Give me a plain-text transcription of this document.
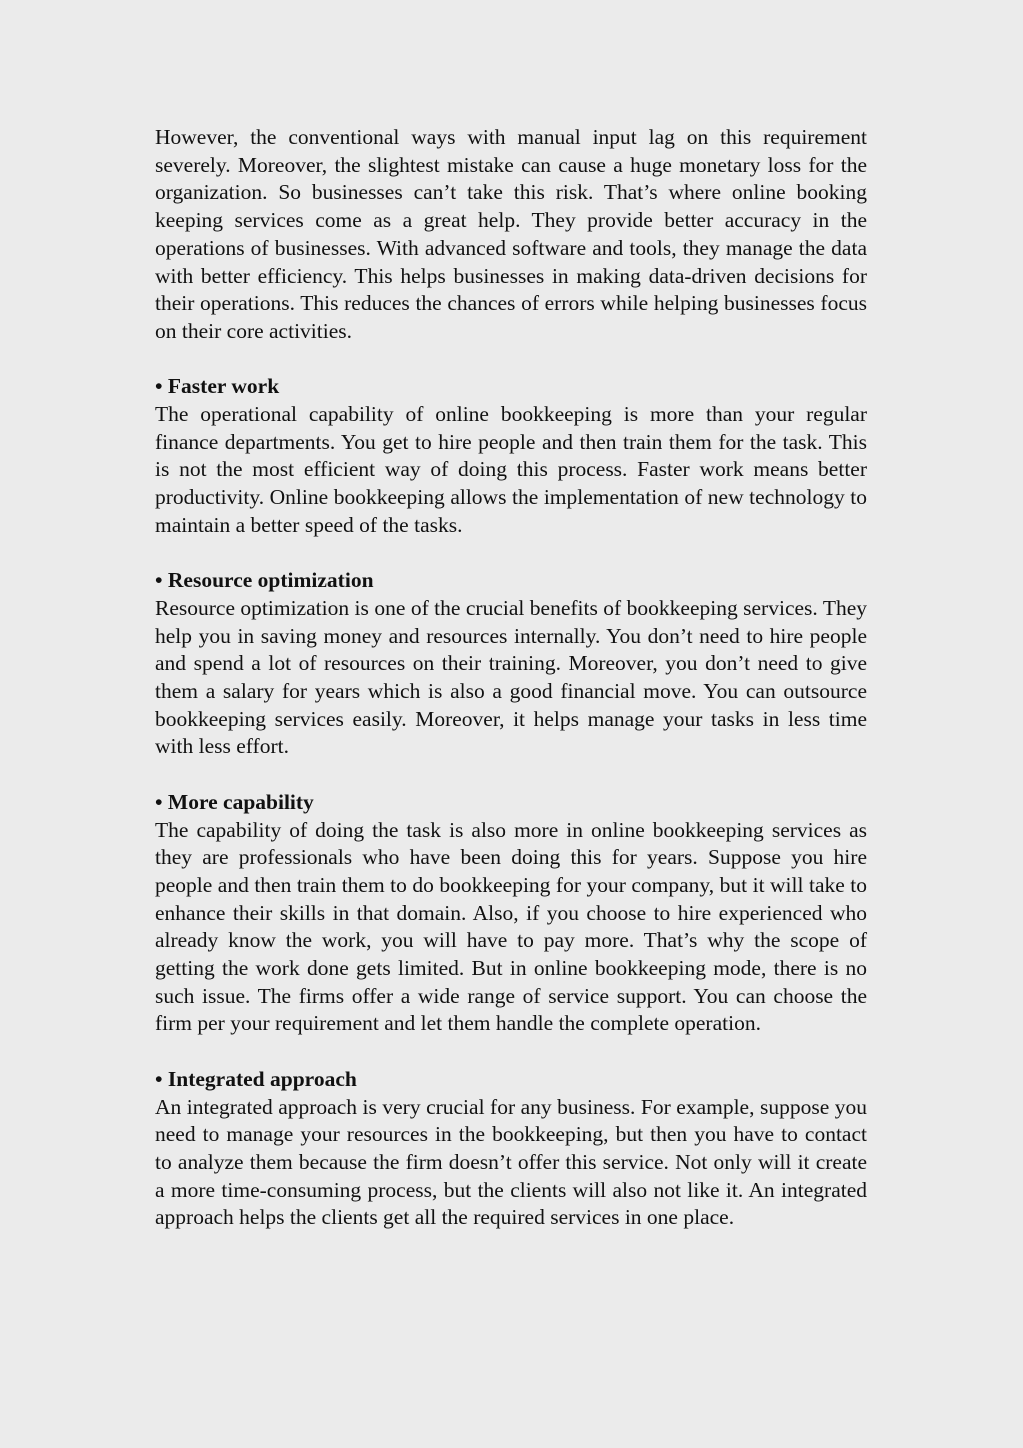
However, the conventional ways with manual input lag on this requirement severely. Moreover, the slightest mistake can cause a huge monetary loss for the organization. So businesses can’t take this risk. That’s where online booking keeping services come as a great help. They provide better accuracy in the operations of businesses. With advanced software and tools, they manage the data with better efficiency. This helps businesses in making data-driven decisions for their operations. This reduces the chances of errors while helping businesses focus on their core activities.

• Faster work

The operational capability of online bookkeeping is more than your regular finance departments. You get to hire people and then train them for the task. This is not the most efficient way of doing this process. Faster work means better productivity. Online bookkeeping allows the implementation of new technology to maintain a better speed of the tasks.

• Resource optimization

Resource optimization is one of the crucial benefits of bookkeeping services. They help you in saving money and resources internally. You don’t need to hire people and spend a lot of resources on their training. Moreover, you don’t need to give them a salary for years which is also a good financial move. You can outsource bookkeeping services easily. Moreover, it helps manage your tasks in less time with less effort.

• More capability

The capability of doing the task is also more in online bookkeeping services as they are professionals who have been doing this for years. Suppose you hire people and then train them to do bookkeeping for your company, but it will take to enhance their skills in that domain. Also, if you choose to hire experienced who already know the work, you will have to pay more. That’s why the scope of getting the work done gets limited. But in online bookkeeping mode, there is no such issue. The firms offer a wide range of service support. You can choose the firm per your requirement and let them handle the complete operation.

• Integrated approach

An integrated approach is very crucial for any business. For example, suppose you need to manage your resources in the bookkeeping, but then you have to contact to analyze them because the firm doesn’t offer this service. Not only will it create a more time-consuming process, but the clients will also not like it. An integrated approach helps the clients get all the required services in one place.
